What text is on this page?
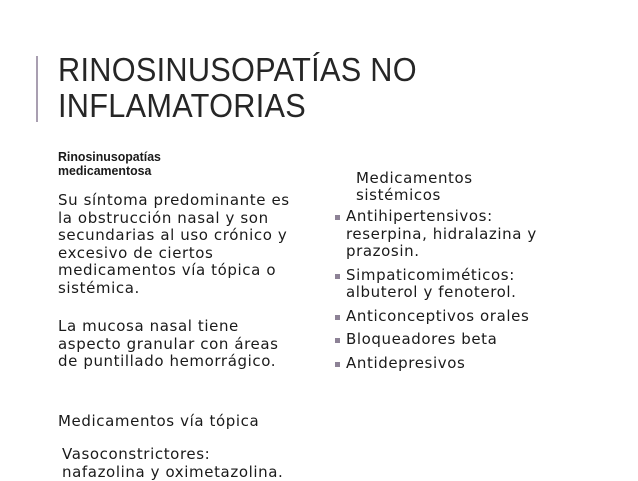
RINOSINUSOPATÍAS NO
INFLAMATORIAS
Rinosinusopatías
medicamentosa
Su síntoma predominante es
la obstrucción nasal y son
secundarias al uso crónico y
excesivo de ciertos
medicamentos vía tópica o
sistémica.
La mucosa nasal tiene
aspecto granular con áreas
de puntillado hemorrágico.
Medicamentos vía tópica
Vasoconstrictores:
nafazolina y oximetazolina.
Medicamentos
sistémicos
Antihipertensivos:
reserpina, hidralazina y
prazosin.
Simpaticomiméticos:
albuterol y fenoterol.
Anticonceptivos orales
Bloqueadores beta
Antidepresivos
